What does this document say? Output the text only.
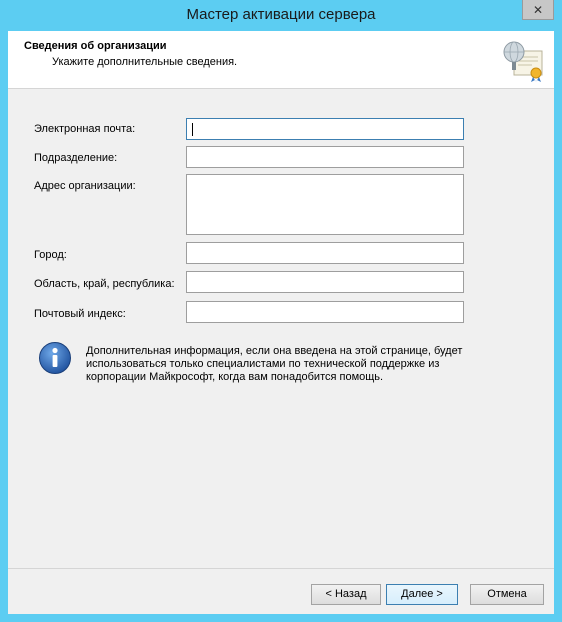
Мастер активации сервера	✕
Сведения об организации
Укажите дополнительные сведения.
Электронная почта:
Подразделение:
Адрес организации:
Город:
Область, край, республика:
Почтовый индекс:
Дополнительная информация, если она введена на этой странице, будет использоваться только специалистами по технической поддержке из корпорации Майкрософт, когда вам понадобится помощь.
< Назад	Далее >	Отмена
